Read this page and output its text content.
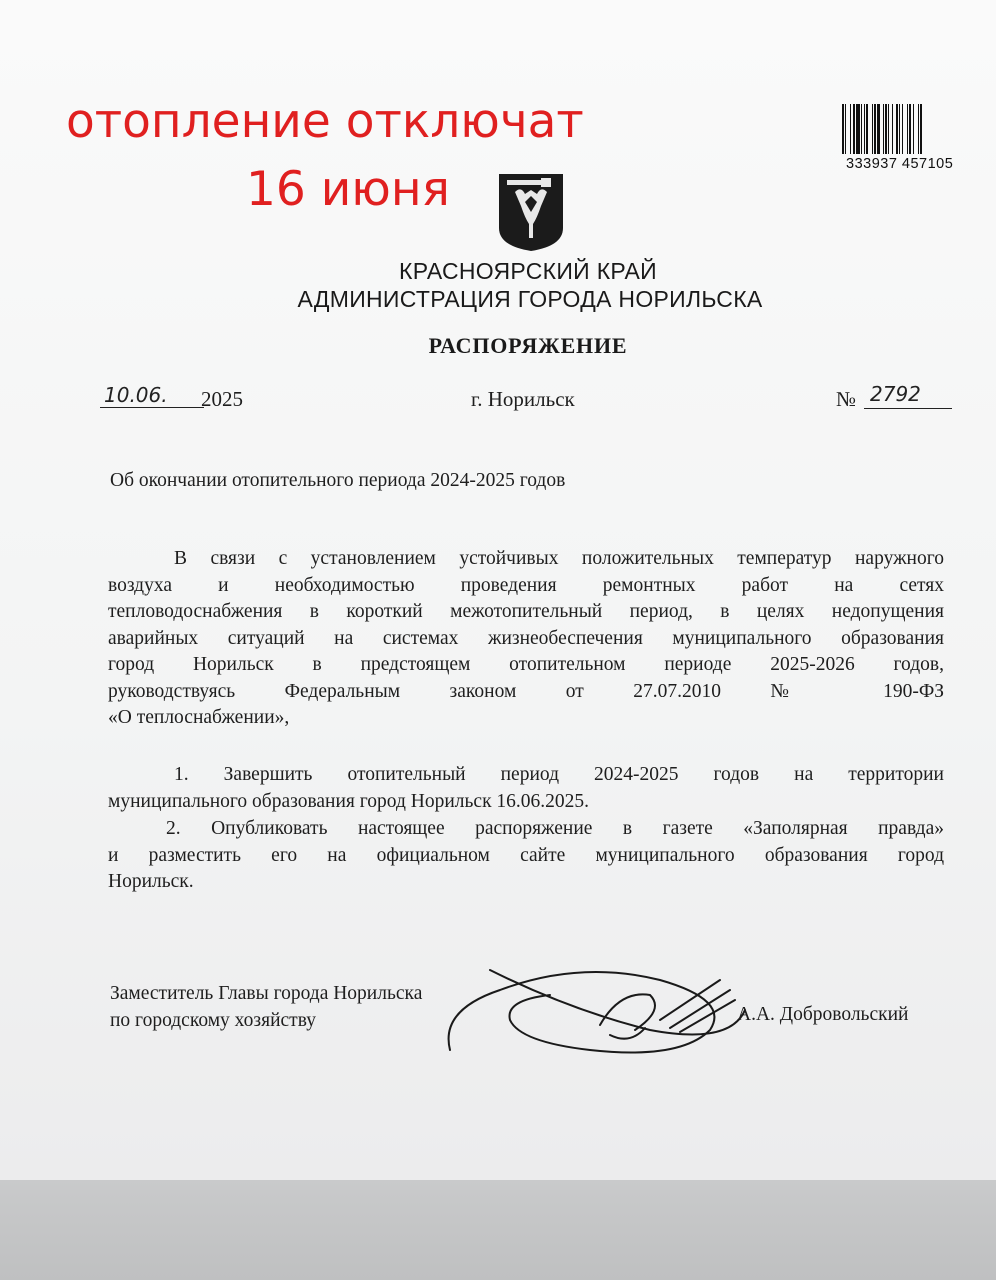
отопление отключат
16 июня	333937 457105
КРАСНОЯРСКИЙ КРАЙ
АДМИНИСТРАЦИЯ ГОРОДА НОРИЛЬСКА
РАСПОРЯЖЕНИЕ
10.06.	2025	г. Норильск	№ 2792
Об окончании отопительного периода 2024-2025 годов
В связи с установлением устойчивых положительных температур наружного
воздуха и необходимостью проведения ремонтных работ на сетях
тепловодоснабжения в короткий межотопительный период, в целях недопущения
аварийных ситуаций на системах жизнеобеспечения муниципального образования
город Норильск в предстоящем отопительном периоде 2025-2026 годов,
руководствуясь Федеральным законом от 27.07.2010 № 190-ФЗ
«О теплоснабжении»,
1. Завершить отопительный период 2024-2025 годов на территории
муниципального образования город Норильск 16.06.2025.
2. Опубликовать настоящее распоряжение в газете «Заполярная правда»
и разместить его на официальном сайте муниципального образования город
Норильск.
Заместитель Главы города Норильска
по городскому хозяйству	А.А. Добровольский
